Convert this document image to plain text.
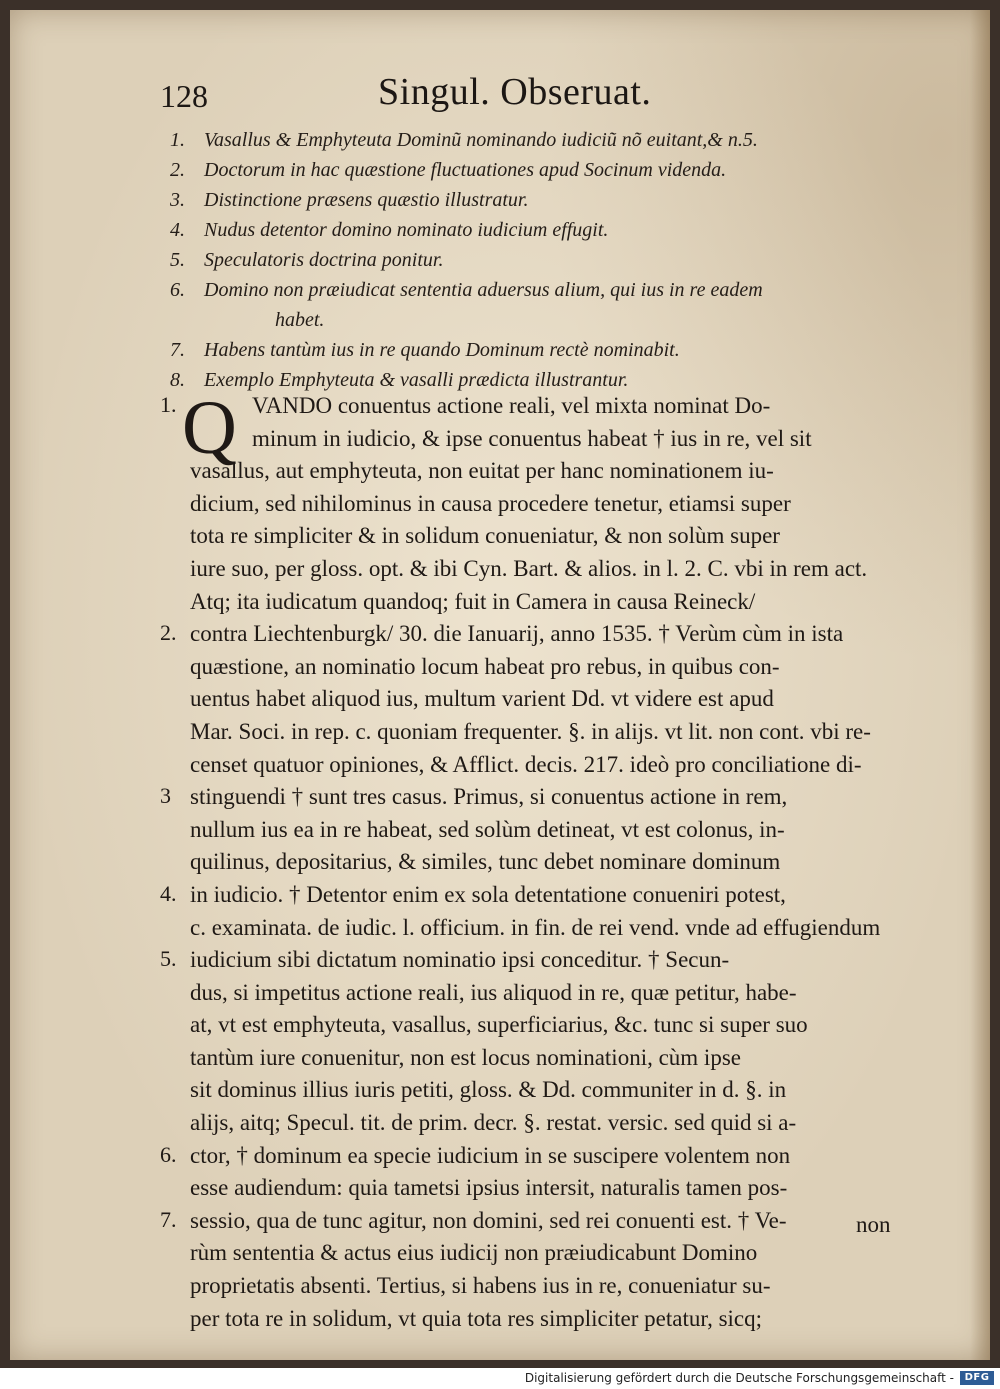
128	Singul. Obseruat.
1. Vasallus & Emphyteuta Dominũ nominando iudiciũ nõ euitant,& n.5.
2. Doctorum in hac quæstione fluctuationes apud Socinum videnda.
3. Distinctione præsens quæstio illustratur.
4. Nudus detentor domino nominato iudicium effugit.
5. Speculatoris doctrina ponitur.
6. Domino non præiudicat sententia aduersus alium, qui ius in re eadem
habet.
7. Habens tantùm ius in re quando Dominum rectè nominabit.
8. Exemplo Emphyteuta & vasalli prædicta illustrantur.
Q VANDO conuentus actione reali, vel mixta nominat Do-
minum in iudicio, & ipse conuentus habeat † ius in re, vel sit
vasallus, aut emphyteuta, non euitat per hanc nominationem iu-
dicium, sed nihilominus in causa procedere tenetur, etiamsi super
tota re simpliciter & in solidum conueniatur, & non solùm super
iure suo, per gloss. opt. & ibi Cyn. Bart. & alios. in l. 2. C. vbi in rem act.
Atq; ita iudicatum quandoq; fuit in Camera in causa Reineck/
contra Liechtenburgk/ 30. die Ianuarij, anno 1535. † Verùm cùm in ista
quæstione, an nominatio locum habeat pro rebus, in quibus con-
uentus habet aliquod ius, multum varient Dd. vt videre est apud
Mar. Soci. in rep. c. quoniam frequenter. §. in alijs. vt lit. non cont. vbi re-
censet quatuor opiniones, & Afflict. decis. 217. ideò pro conciliatione di-
stinguendi † sunt tres casus. Primus, si conuentus actione in rem,
nullum ius ea in re habeat, sed solùm detineat, vt est colonus, in-
quilinus, depositarius, & similes, tunc debet nominare dominum
in iudicio. † Detentor enim ex sola detentatione conueniri potest,
c. examinata. de iudic. l. officium. in fin. de rei vend. vnde ad effugiendum
iudicium sibi dictatum nominatio ipsi conceditur. † Secun-
dus, si impetitus actione reali, ius aliquod in re, quæ petitur, habe-
at, vt est emphyteuta, vasallus, superficiarius, &c. tunc si super suo
tantùm iure conuenitur, non est locus nominationi, cùm ipse
sit dominus illius iuris petiti, gloss. & Dd. communiter in d. §. in
alijs, aitq; Specul. tit. de prim. decr. §. restat. versic. sed quid si a-
ctor, † dominum ea specie iudicium in se suscipere volentem non
esse audiendum: quia tametsi ipsius intersit, naturalis tamen pos-
sessio, qua de tunc agitur, non domini, sed rei conuenti est. † Ve-
rùm sententia & actus eius iudicij non præiudicabunt Domino
proprietatis absenti. Tertius, si habens ius in re, conueniatur su-
per tota re in solidum, vt quia tota res simpliciter petatur, sicq;
1.
2.
3
4.
5.
6.
7.	non
Digitalisierung gefördert durch die Deutsche Forschungsgemeinschaft -	DFG
